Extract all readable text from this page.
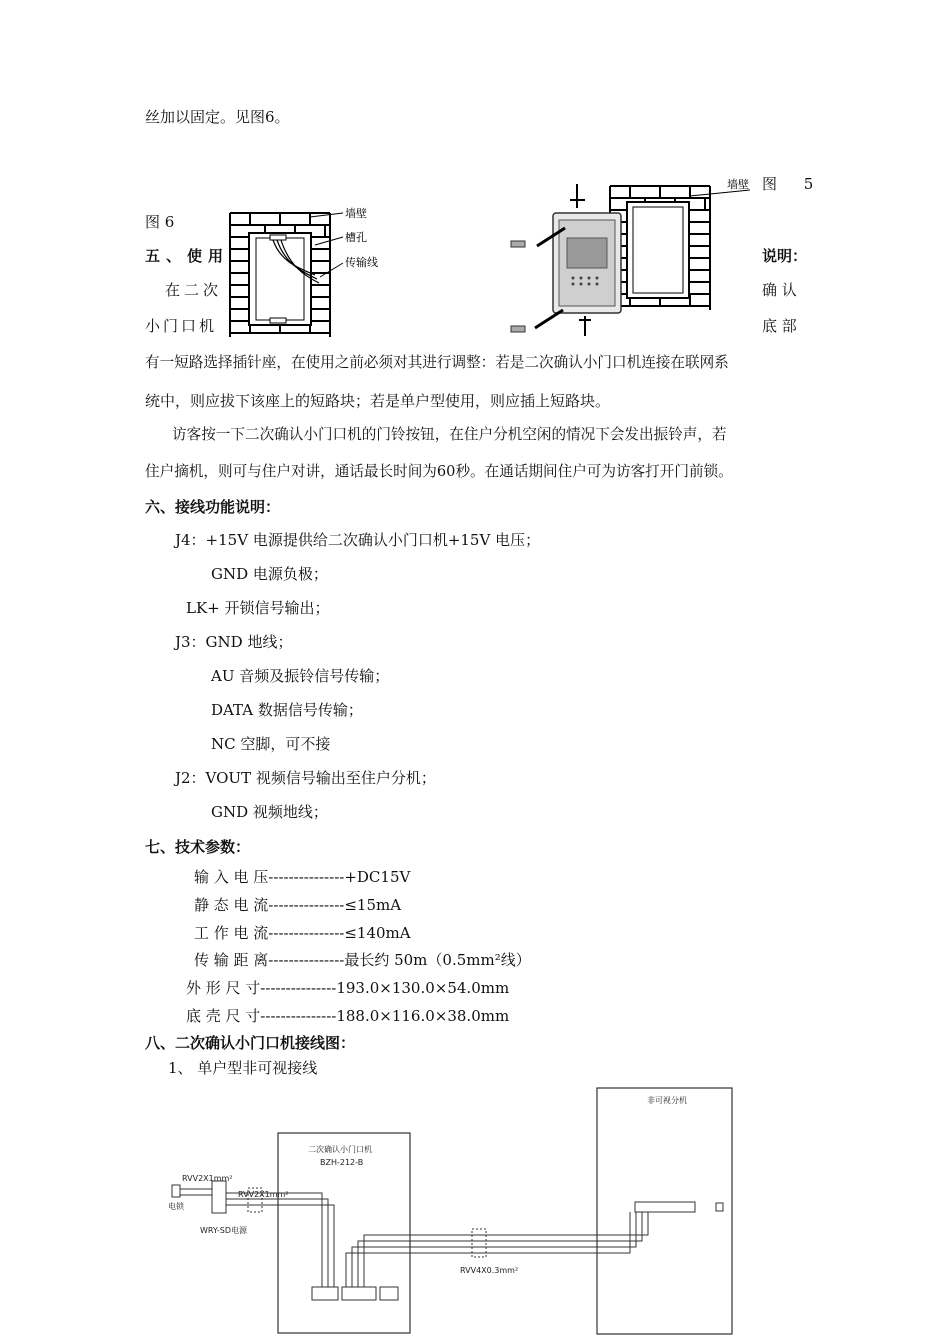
丝加以固定。见图6。
图 5
图 6
五、使用	说明：
在二次	确 认
小门口机	底 部
有一短路选择插针座，在使用之前必须对其进行调整：若是二次确认小门口机连接在联网系
统中，则应拔下该座上的短路块；若是单户型使用，则应插上短路块。
访客按一下二次确认小门口机的门铃按钮，在住户分机空闲的情况下会发出振铃声，若
住户摘机，则可与住户对讲，通话最长时间为60秒。在通话期间住户可为访客打开门前锁。
六、接线功能说明：
J4：+15V 电源提供给二次确认小门口机+15V 电压；
GND 电源负极；
LK+ 开锁信号输出；
J3：GND 地线；
AU 音频及振铃信号传输；
DATA 数据信号传输；
NC 空脚，可不接
J2：VOUT 视频信号输出至住户分机；
GND 视频地线；
七、技术参数：
输 入 电 压---------------+DC15V
静 态 电 流---------------≤15mA
工 作 电 流---------------≤140mA
传 输 距 离---------------最长约 50m（0.5mm²线）
外 形 尺 寸---------------193.0×130.0×54.0mm
底 壳 尺 寸---------------188.0×116.0×38.0mm
八、二次确认小门口机接线图：
1、 单户型非可视接线
墙壁
槽孔
传输线
墙壁
非可视分机
二次确认小门口机
BZH-212-B
电锁
WRY-SD电源
RVV2X1mm²
RVV2X1mm²
RVV4X0.3mm²
